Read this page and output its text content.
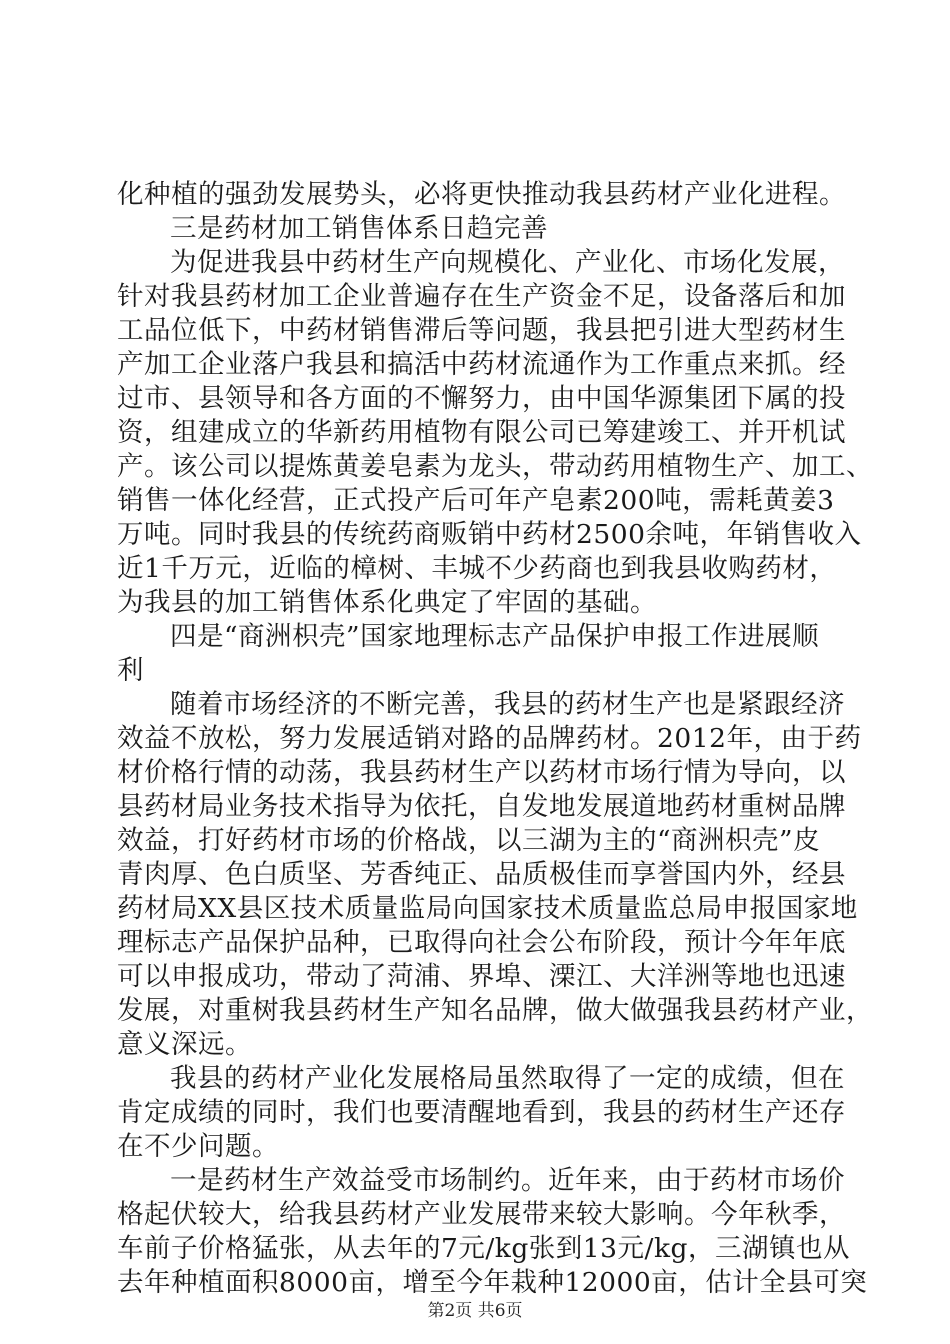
化种植的强劲发展势头，必将更快推动我县药材产业化进程。
三是药材加工销售体系日趋完善
为促进我县中药材生产向规模化、产业化、市场化发展，
针对我县药材加工企业普遍存在生产资金不足，设备落后和加
工品位低下，中药材销售滞后等问题，我县把引进大型药材生
产加工企业落户我县和搞活中药材流通作为工作重点来抓。经
过市、县领导和各方面的不懈努力，由中国华源集团下属的投
资，组建成立的华新药用植物有限公司已筹建竣工、并开机试
产。该公司以提炼黄姜皂素为龙头，带动药用植物生产、加工、
销售一体化经营，正式投产后可年产皂素200吨，需耗黄姜3
万吨。同时我县的传统药商贩销中药材2500余吨，年销售收入
近1千万元，近临的樟树、丰城不少药商也到我县收购药材，
为我县的加工销售体系化典定了牢固的基础。
四是“商洲枳壳”国家地理标志产品保护申报工作进展顺
利
随着市场经济的不断完善，我县的药材生产也是紧跟经济
效益不放松，努力发展适销对路的品牌药材。2012年，由于药
材价格行情的动荡，我县药材生产以药材市场行情为导向，以
县药材局业务技术指导为依托，自发地发展道地药材重树品牌
效益，打好药材市场的价格战，以三湖为主的“商洲枳壳”皮
青肉厚、色白质坚、芳香纯正、品质极佳而享誉国内外，经县
药材局XX县区技术质量监局向国家技术质量监总局申报国家地
理标志产品保护品种，已取得向社会公布阶段，预计今年年底
可以申报成功，带动了菏浦、界埠、溧江、大洋洲等地也迅速
发展，对重树我县药材生产知名品牌，做大做强我县药材产业，
意义深远。
我县的药材产业化发展格局虽然取得了一定的成绩，但在
肯定成绩的同时，我们也要清醒地看到，我县的药材生产还存
在不少问题。
一是药材生产效益受市场制约。近年来，由于药材市场价
格起伏较大，给我县药材产业发展带来较大影响。今年秋季，
车前子价格猛张，从去年的7元/kg张到13元/kg，三湖镇也从
去年种植面积8000亩，增至今年栽种12000亩，估计全县可突
第2页 共6页
